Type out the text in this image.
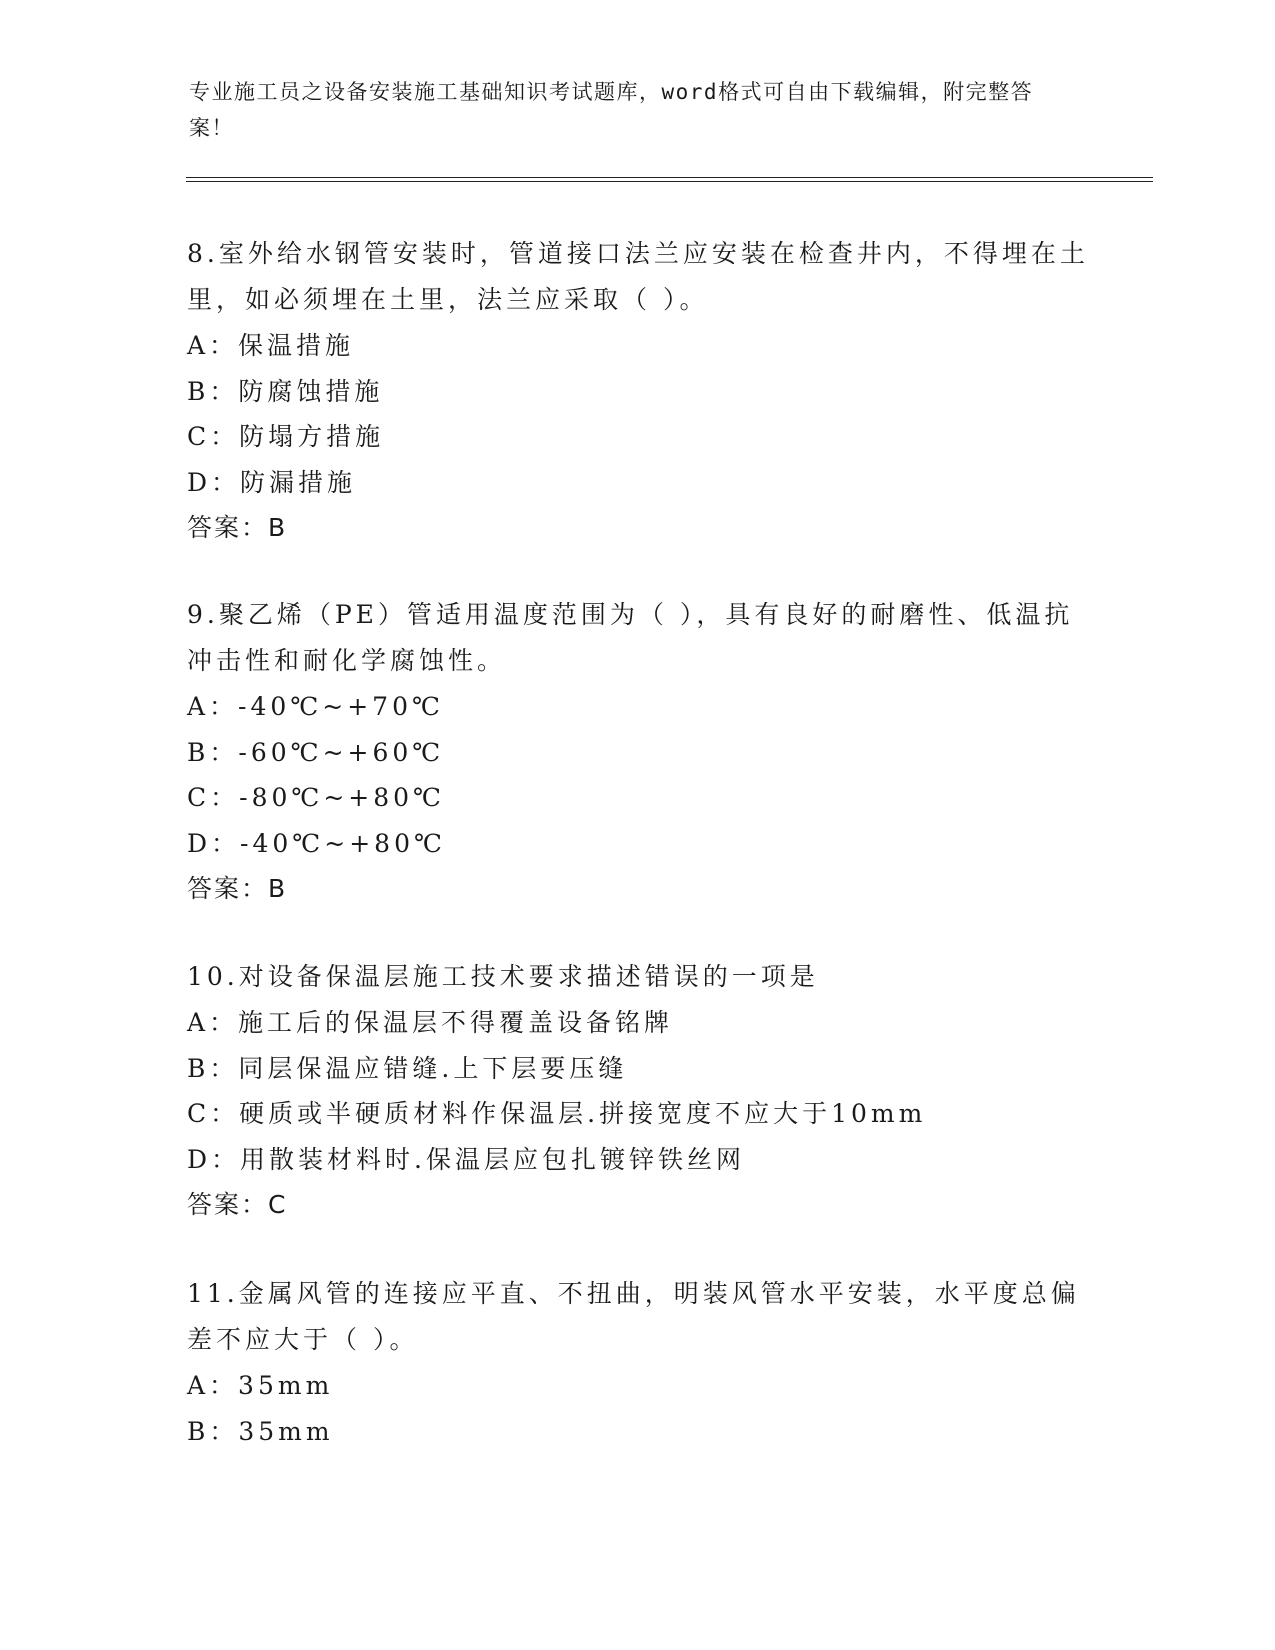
专业施工员之设备安装施工基础知识考试题库，word格式可自由下载编辑，附完整答案！
8.室外给水钢管安装时，管道接口法兰应安装在检查井内，不得埋在土里，如必须埋在土里，法兰应采取（ ）。
A：保温措施
B：防腐蚀措施
C：防塌方措施
D：防漏措施
答案：B
9.聚乙烯（PE）管适用温度范围为（ ），具有良好的耐磨性、低温抗冲击性和耐化学腐蚀性。
A：-40℃~+70℃
B：-60℃~+60℃
C：-80℃~+80℃
D：-40℃~+80℃
答案：B
10.对设备保温层施工技术要求描述错误的一项是
A：施工后的保温层不得覆盖设备铭牌
B：同层保温应错缝.上下层要压缝
C：硬质或半硬质材料作保温层.拼接宽度不应大于10mm
D：用散装材料时.保温层应包扎镀锌铁丝网
答案：C
11.金属风管的连接应平直、不扭曲，明装风管水平安装，水平度总偏差不应大于（ ）。
A：35mm
B：35mm
